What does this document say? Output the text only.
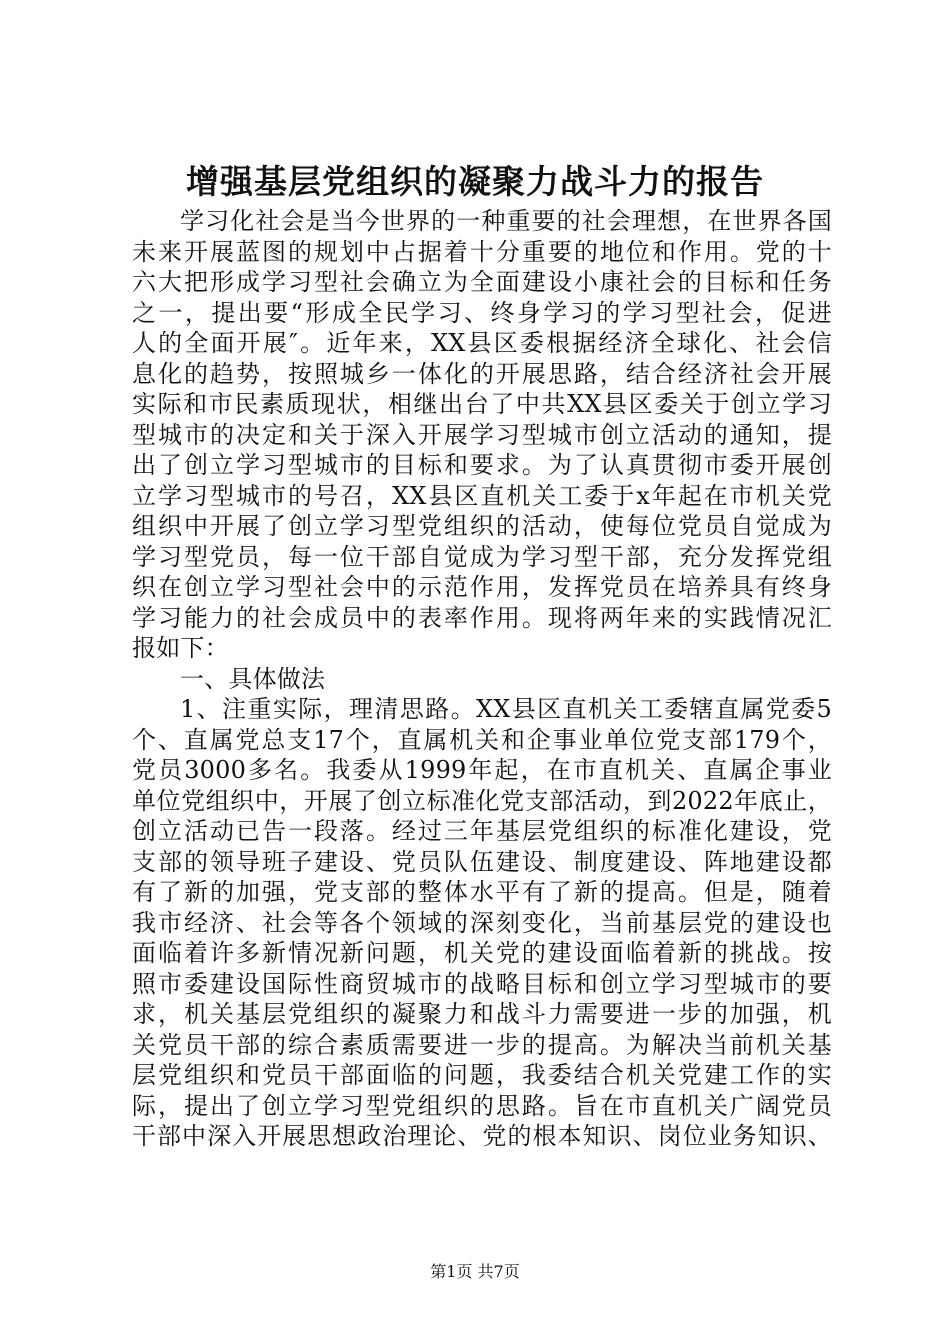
增强基层党组织的凝聚力战斗力的报告
学习化社会是当今世界的一种重要的社会理想，在世界各国
未来开展蓝图的规划中占据着十分重要的地位和作用。党的十
六大把形成学习型社会确立为全面建设小康社会的目标和任务
之一，提出要“形成全民学习、终身学习的学习型社会，促进
人的全面开展″。近年来，XX县区委根据经济全球化、社会信
息化的趋势，按照城乡一体化的开展思路，结合经济社会开展
实际和市民素质现状，相继出台了中共XX县区委关于创立学习
型城市的决定和关于深入开展学习型城市创立活动的通知，提
出了创立学习型城市的目标和要求。为了认真贯彻市委开展创
立学习型城市的号召，XX县区直机关工委于x年起在市机关党
组织中开展了创立学习型党组织的活动，使每位党员自觉成为
学习型党员，每一位干部自觉成为学习型干部，充分发挥党组
织在创立学习型社会中的示范作用，发挥党员在培养具有终身
学习能力的社会成员中的表率作用。现将两年来的实践情况汇
报如下：
一、具体做法
1、注重实际，理清思路。XX县区直机关工委辖直属党委5
个、直属党总支17个，直属机关和企事业单位党支部179个，
党员3000多名。我委从1999年起，在市直机关、直属企事业
单位党组织中，开展了创立标准化党支部活动，到2022年底止，
创立活动已告一段落。经过三年基层党组织的标准化建设，党
支部的领导班子建设、党员队伍建设、制度建设、阵地建设都
有了新的加强，党支部的整体水平有了新的提高。但是，随着
我市经济、社会等各个领域的深刻变化，当前基层党的建设也
面临着许多新情况新问题，机关党的建设面临着新的挑战。按
照市委建设国际性商贸城市的战略目标和创立学习型城市的要
求，机关基层党组织的凝聚力和战斗力需要进一步的加强，机
关党员干部的综合素质需要进一步的提高。为解决当前机关基
层党组织和党员干部面临的问题，我委结合机关党建工作的实
际，提出了创立学习型党组织的思路。旨在市直机关广阔党员
干部中深入开展思想政治理论、党的根本知识、岗位业务知识、
第1页 共7页
